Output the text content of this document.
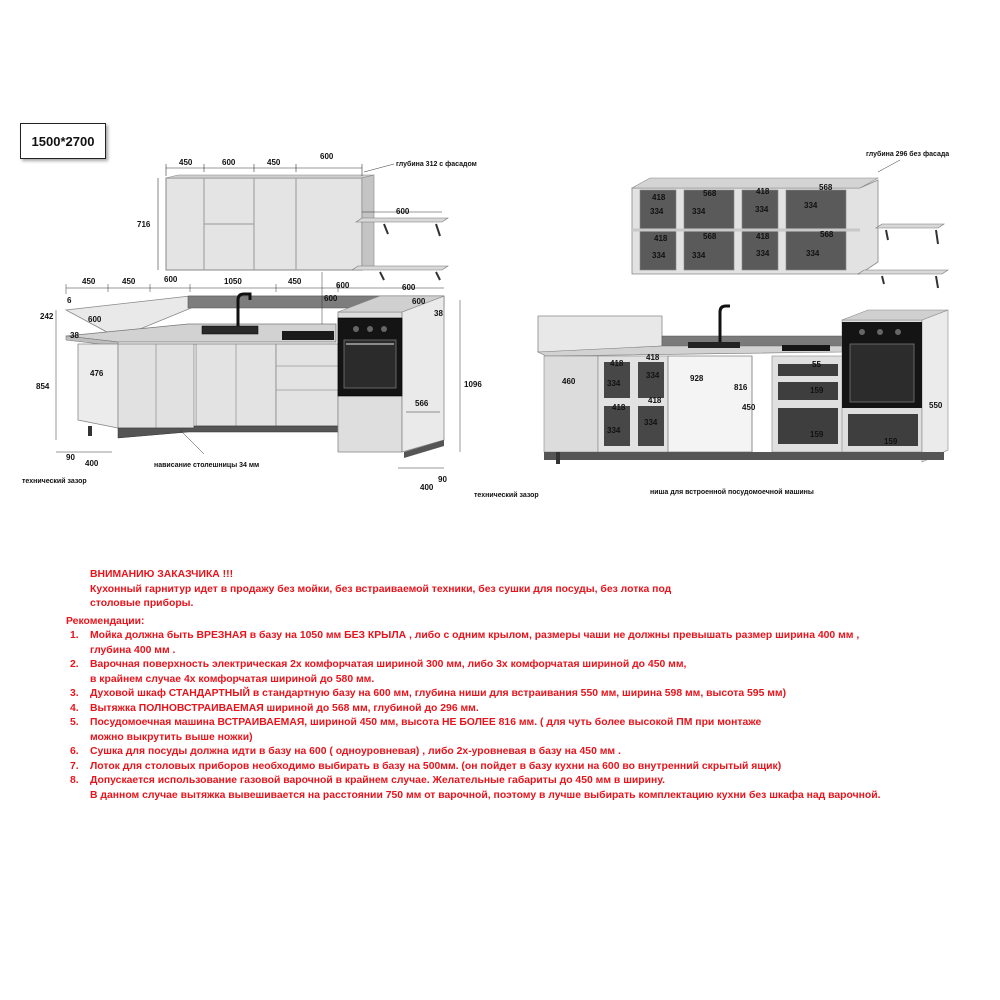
1500*2700
450	600	450
600
716
600
глубина 312 с фасадом
450	450	600	1050	450	600	600
600	600
38
242
6
600
38
476
854	1096
566
90
400
400
90
нависание столешницы 34 мм
технический зазор
технический зазор
глубина 296 без фасада
418	568	418	568
334	334	334	334
418	568	418	568
334	334	334	334
460
418
418
334
334
418
418
334
334
928
816
450
55
159
159
159
550
ниша для встроенной посудомоечной машины
ВНИМАНИЮ ЗАКАЗЧИКА !!!
Кухонный гарнитур идет в продажу без мойки, без встраиваемой техники, без сушки для посуды, без лотка под столовые приборы.
Рекомендации:
1. Мойка должна быть ВРЕЗНАЯ в базу на 1050 мм БЕЗ КРЫЛА , либо с одним крылом, размеры чаши не должны превышать размер ширина 400 мм ,
глубина 400 мм .
2. Варочная поверхность электрическая 2х комфорчатая шириной 300 мм, либо 3х комфорчатая шириной до 450 мм,
в крайнем случае 4х комфорчатая шириной до 580 мм.
3. Духовой шкаф СТАНДАРТНЫЙ в стандартную базу на 600 мм, глубина ниши для встраивания 550 мм, ширина 598 мм, высота 595 мм)
4. Вытяжка ПОЛНОВСТРАИВАЕМАЯ шириной до 568 мм, глубиной до 296 мм.
5. Посудомоечная машина ВСТРАИВАЕМАЯ, шириной 450 мм, высота НЕ БОЛЕЕ 816 мм. ( для чуть более высокой ПМ при монтаже
можно выкрутить выше ножки)
6. Сушка для посуды должна идти в базу на 600 ( одноуровневая) , либо 2х-уровневая в базу на 450 мм .
7. Лоток для столовых приборов необходимо выбирать в базу на 500мм. (он пойдет в базу кухни на 600 во внутренний скрытый ящик)
8. Допускается использование газовой варочной в крайнем случае. Желательные габариты до 450 мм в ширину.
В данном случае вытяжка вывешивается на расстоянии 750 мм от варочной, поэтому в лучше выбирать комплектацию кухни без шкафа над варочной.
